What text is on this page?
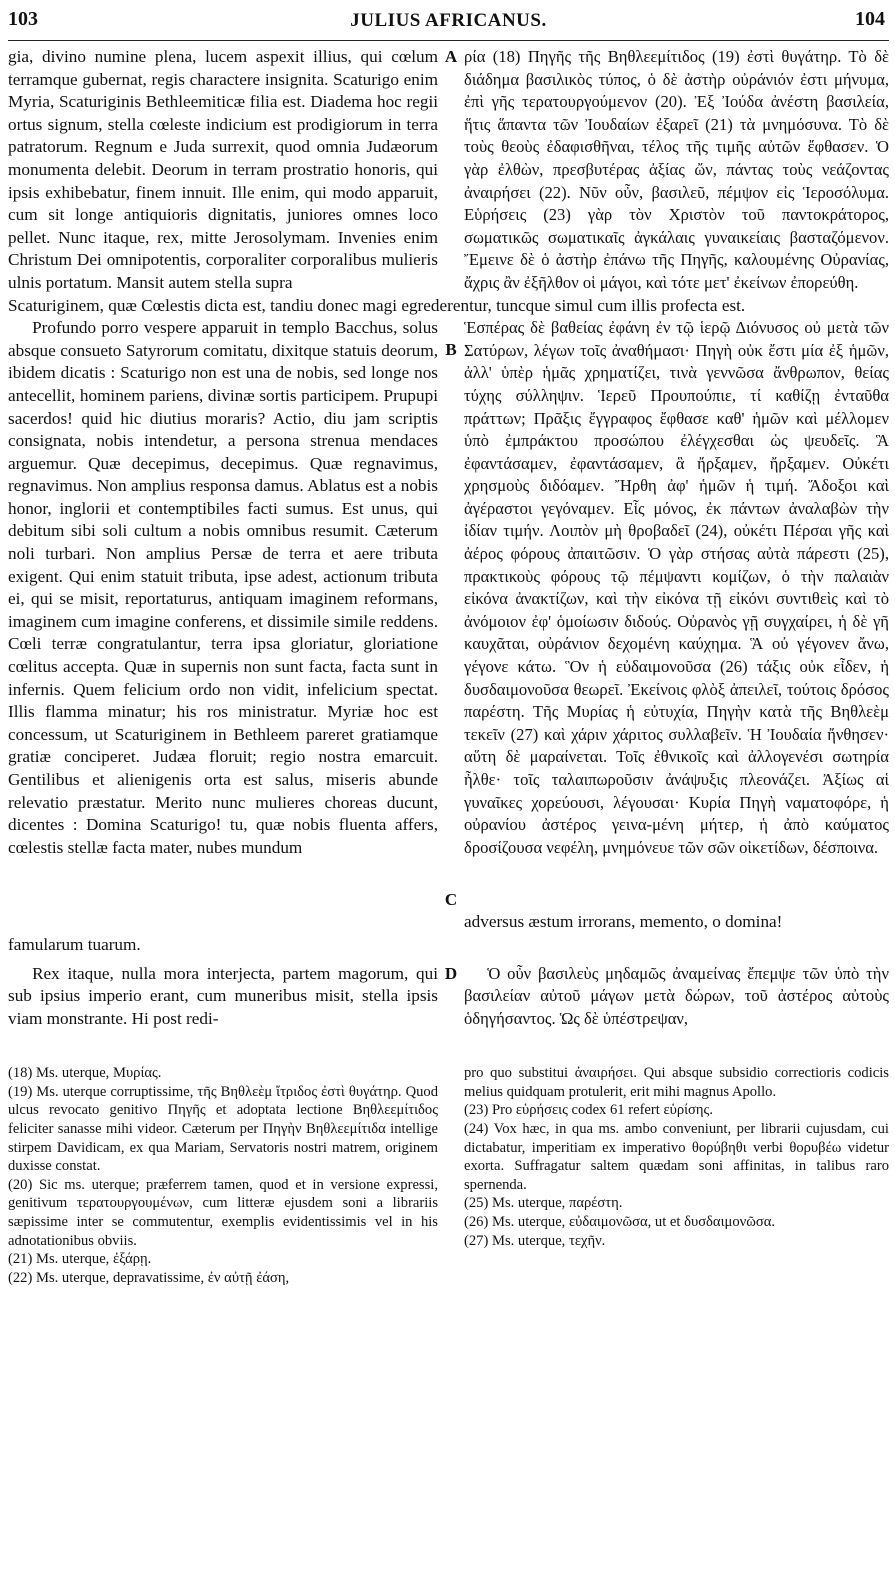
103	JULIUS AFRICANUS.	104

gia, divino numine plena, lucem aspexit illius, qui cœlum terramque gubernat, regis charactere insignita. Scaturigo enim Myria, Scaturiginis Bethleemiticæ filia est. Diadema hoc regii ortus signum, stella cœleste indicium est prodigiorum in terra patratorum. Regnum e Juda surrexit, quod omnia Judæorum monumenta delebit. Deorum in terram prostratio honoris, qui ipsis exhibebatur, finem innuit. Ille enim, qui modo apparuit, cum sit longe antiquioris dignitatis, juniores omnes loco pellet. Nunc itaque, rex, mitte Jerosolymam. Invenies enim Christum Dei omnipotentis, corporaliter corporalibus mulieris ulnis portatum. Mansit autem stella supra

A ρία (18) Πηγῆς τῆς Βηθλεεμίτιδος (19) ἐστὶ θυγάτηρ. Τὸ δὲ διάδημα βασιλικὸς τύπος, ὁ δὲ ἀστὴρ οὐράνιόν ἐστι μήνυμα, ἐπὶ γῆς τερατουργούμενον (20). Ἐξ Ἰούδα ἀνέστη βασιλεία, ἥτις ἅπαντα τῶν Ἰουδαίων ἐξαρεῖ (21) τὰ μνημόσυνα. Τὸ δὲ τοὺς θεοὺς ἐδαφισθῆναι, τέλος τῆς τιμῆς αὐτῶν ἔφθασεν. Ὁ γὰρ ἐλθὼν, πρεσβυτέρας ἀξίας ὤν, πάντας τοὺς νεάζοντας ἀναιρήσει (22). Νῦν οὖν, βασιλεῦ, πέμψον εἰς Ἱεροσόλυμα. Εὑρήσεις (23) γὰρ τὸν Χριστὸν τοῦ παντοκράτορος, σωματικῶς σωματικαῖς ἀγκάλαις γυναικείαις βασταζόμενον. Ἔμεινε δὲ ὁ ἀστὴρ ἐπάνω τῆς Πηγῆς, καλουμένης Οὐρανίας, ἄχρις ἂν ἐξῆλθον οἱ μάγοι, καὶ τότε μετ' ἐκείνων ἐπορεύθη.

Scaturiginem, quæ Cœlestis dicta est, tandiu donec magi egrederentur, tuncque simul cum illis profecta est.

Profundo porro vespere apparuit in templo Bacchus, solus absque consueto Satyrorum comitatu, dixitque statuis deorum, ibidem dicatis : Scaturigo non est una de nobis, sed longe nos antecellit, hominem pariens, divinæ sortis participem. Prupupi sacerdos! quid hic diutius moraris? Actio, diu jam scriptis consignata, nobis intendetur, a persona strenua mendaces arguemur. Quæ decepimus, decepimus. Quæ regnavimus, regnavimus. Non amplius responsa damus. Ablatus est a nobis honor, inglorii et contemptibiles facti sumus. Est unus, qui debitum sibi soli cultum a nobis omnibus resumit. Cæterum noli turbari. Non amplius Persæ de terra et aere tributa exigent. Qui enim statuit tributa, ipse adest, actionum tributa ei, qui se misit, reportaturus, antiquam imaginem reformans, imaginem cum imagine conferens, et dissimile simile reddens. Cœli terræ congratulantur, terra ipsa gloriatur, gloriatione cœlitus accepta. Quæ in supernis non sunt facta, facta sunt in infernis. Quem felicium ordo non vidit, infelicium spectat. Illis flamma minatur; his ros ministratur. Myriæ hoc est concessum, ut Scaturiginem in Bethleem pareret gratiamque gratiæ conciperet. Judæa floruit; regio nostra emarcuit. Gentilibus et alienigenis orta est salus, miseris abunde relevatio præstatur. Merito nunc mulieres choreas ducunt, dicentes : Domina Scaturigo! tu, quæ nobis fluenta affers, cœlestis stellæ facta mater, nubes mundum

B
C

Ἑσπέρας δὲ βαθείας ἐφάνη ἐν τῷ ἱερῷ Διόνυσος οὐ μετὰ τῶν Σατύρων, λέγων τοῖς ἀναθήμασι· Πηγὴ οὐκ ἔστι μία ἐξ ἡμῶν, ἀλλ' ὑπὲρ ἡμᾶς χρηματίζει, τινὰ γεννῶσα ἄνθρωπον, θείας τύχης σύλληψιν. Ἱερεῦ Προυπούπιε, τί καθίζῃ ἐνταῦθα πράττων; Πρᾶξις ἔγγραφος ἔφθασε καθ' ἡμῶν καὶ μέλλομεν ὑπὸ ἐμπράκτου προσώπου ἐλέγχεσθαι ὡς ψευδεῖς. Ἃ ἐφαντάσαμεν, ἐφαντάσαμεν, ἃ ἤρξαμεν, ἤρξαμεν. Οὐκέτι χρησμοὺς διδόαμεν. Ἤρθη ἀφ' ἡμῶν ἡ τιμή. Ἄδοξοι καὶ ἀγέραστοι γεγόναμεν. Εἷς μόνος, ἐκ πάντων ἀναλαβὼν τὴν ἰδίαν τιμήν. Λοιπὸν μὴ θροβαδεῖ (24), οὐκέτι Πέρσαι γῆς καὶ ἀέρος φόρους ἀπαιτῶσιν. Ὁ γὰρ στήσας αὐτὰ πάρεστι (25), πρακτικοὺς φόρους τῷ πέμψαντι κομίζων, ὁ τὴν παλαιὰν εἰκόνα ἀνακτίζων, καὶ τὴν εἰκόνα τῇ εἰκόνι συντιθεὶς καὶ τὸ ἀνόμοιον ἐφ' ὁμοίωσιν διδούς. Οὐρανὸς γῇ συγχαίρει, ἡ δὲ γῆ καυχᾶται, οὐράνιον δεχομένη καύχημα. Ἃ οὐ γέγονεν ἄνω, γέγονε κάτω. Ὃν ἡ εὐδαιμονοῦσα (26) τάξις οὐκ εἶδεν, ἡ δυσδαιμονοῦσα θεωρεῖ. Ἐκείνοις φλὸξ ἀπειλεῖ, τούτοις δρόσος παρέστη. Τῆς Μυρίας ἡ εὐτυχία, Πηγὴν κατὰ τῆς Βηθλεὲμ τεκεῖν (27) καὶ χάριν χάριτος συλλαβεῖν. Ἡ Ἰουδαία ἤνθησεν· αὕτη δὲ μαραίνεται. Τοῖς ἐθνικοῖς καὶ ἀλλογενέσι σωτηρία ἦλθε· τοῖς ταλαιπωροῦσιν ἀνάψυξις πλεονάζει. Ἀξίως αἱ γυναῖκες χορεύουσι, λέγουσαι· Κυρία Πηγὴ ναματοφόρε, ἡ οὐρανίου ἀστέρος γεινα-μένη μήτερ, ἡ ἀπὸ καύματος δροσίζουσα νεφέλη, μνημόνευε τῶν σῶν οἰκετίδων, δέσποινα.

adversus æstum irrorans, memento, o domina!
famularum tuarum.

Rex itaque, nulla mora interjecta, partem magorum, qui sub ipsius imperio erant, cum muneribus misit, stella ipsis viam monstrante. Hi post redi-

D	Ὁ οὖν βασιλεὺς μηδαμῶς ἀναμείνας ἔπεμψε τῶν ὑπὸ τὴν βασιλείαν αὐτοῦ μάγων μετὰ δώρων, τοῦ ἀστέρος αὐτοὺς ὁδηγήσαντος. Ὡς δὲ ὑπέστρεψαν,

(18) Ms. uterque, Μυρίας.

(19) Ms. uterque corruptissime, τῆς Βηθλεὲμ ἴτριδος ἐστὶ θυγάτηρ. Quod ulcus revocato genitivo Πηγῆς et adoptata lectione Βηθλεεμίτιδος feliciter sanasse mihi videor. Cæterum per Πηγὴν Βηθλεεμίτιδα intellige stirpem Davidicam, ex qua Mariam, Servatoris nostri matrem, originem duxisse constat.

(20) Sic ms. uterque; præferrem tamen, quod et in versione expressi, genitivum τερατουργουμένων, cum litteræ ejusdem soni a librariis sæpissime inter se commutentur, exemplis evidentissimis vel in his adnotationibus obviis.

(21) Ms. uterque, ἐξάρῃ.

(22) Ms. uterque, depravatissime, ἐν αὐτῇ ἐάση,

pro quo substitui ἀναιρήσει. Qui absque subsidio correctioris codicis melius quidquam protulerit, erit mihi magnus Apollo.

(23) Pro εὑρήσεις codex 61 refert εὑρίσης.

(24) Vox hæc, in qua ms. ambo conveniunt, per librarii cujusdam, cui dictabatur, imperitiam ex imperativo θορύβηθι verbi θορυβέω videtur exorta. Suffragatur saltem quædam soni affinitas, in talibus raro spernenda.

(25) Ms. uterque, παρέστη.

(26) Ms. uterque, εὐδαιμονῶσα, ut et δυσδαιμονῶσα.

(27) Ms. uterque, τεχῆν.
